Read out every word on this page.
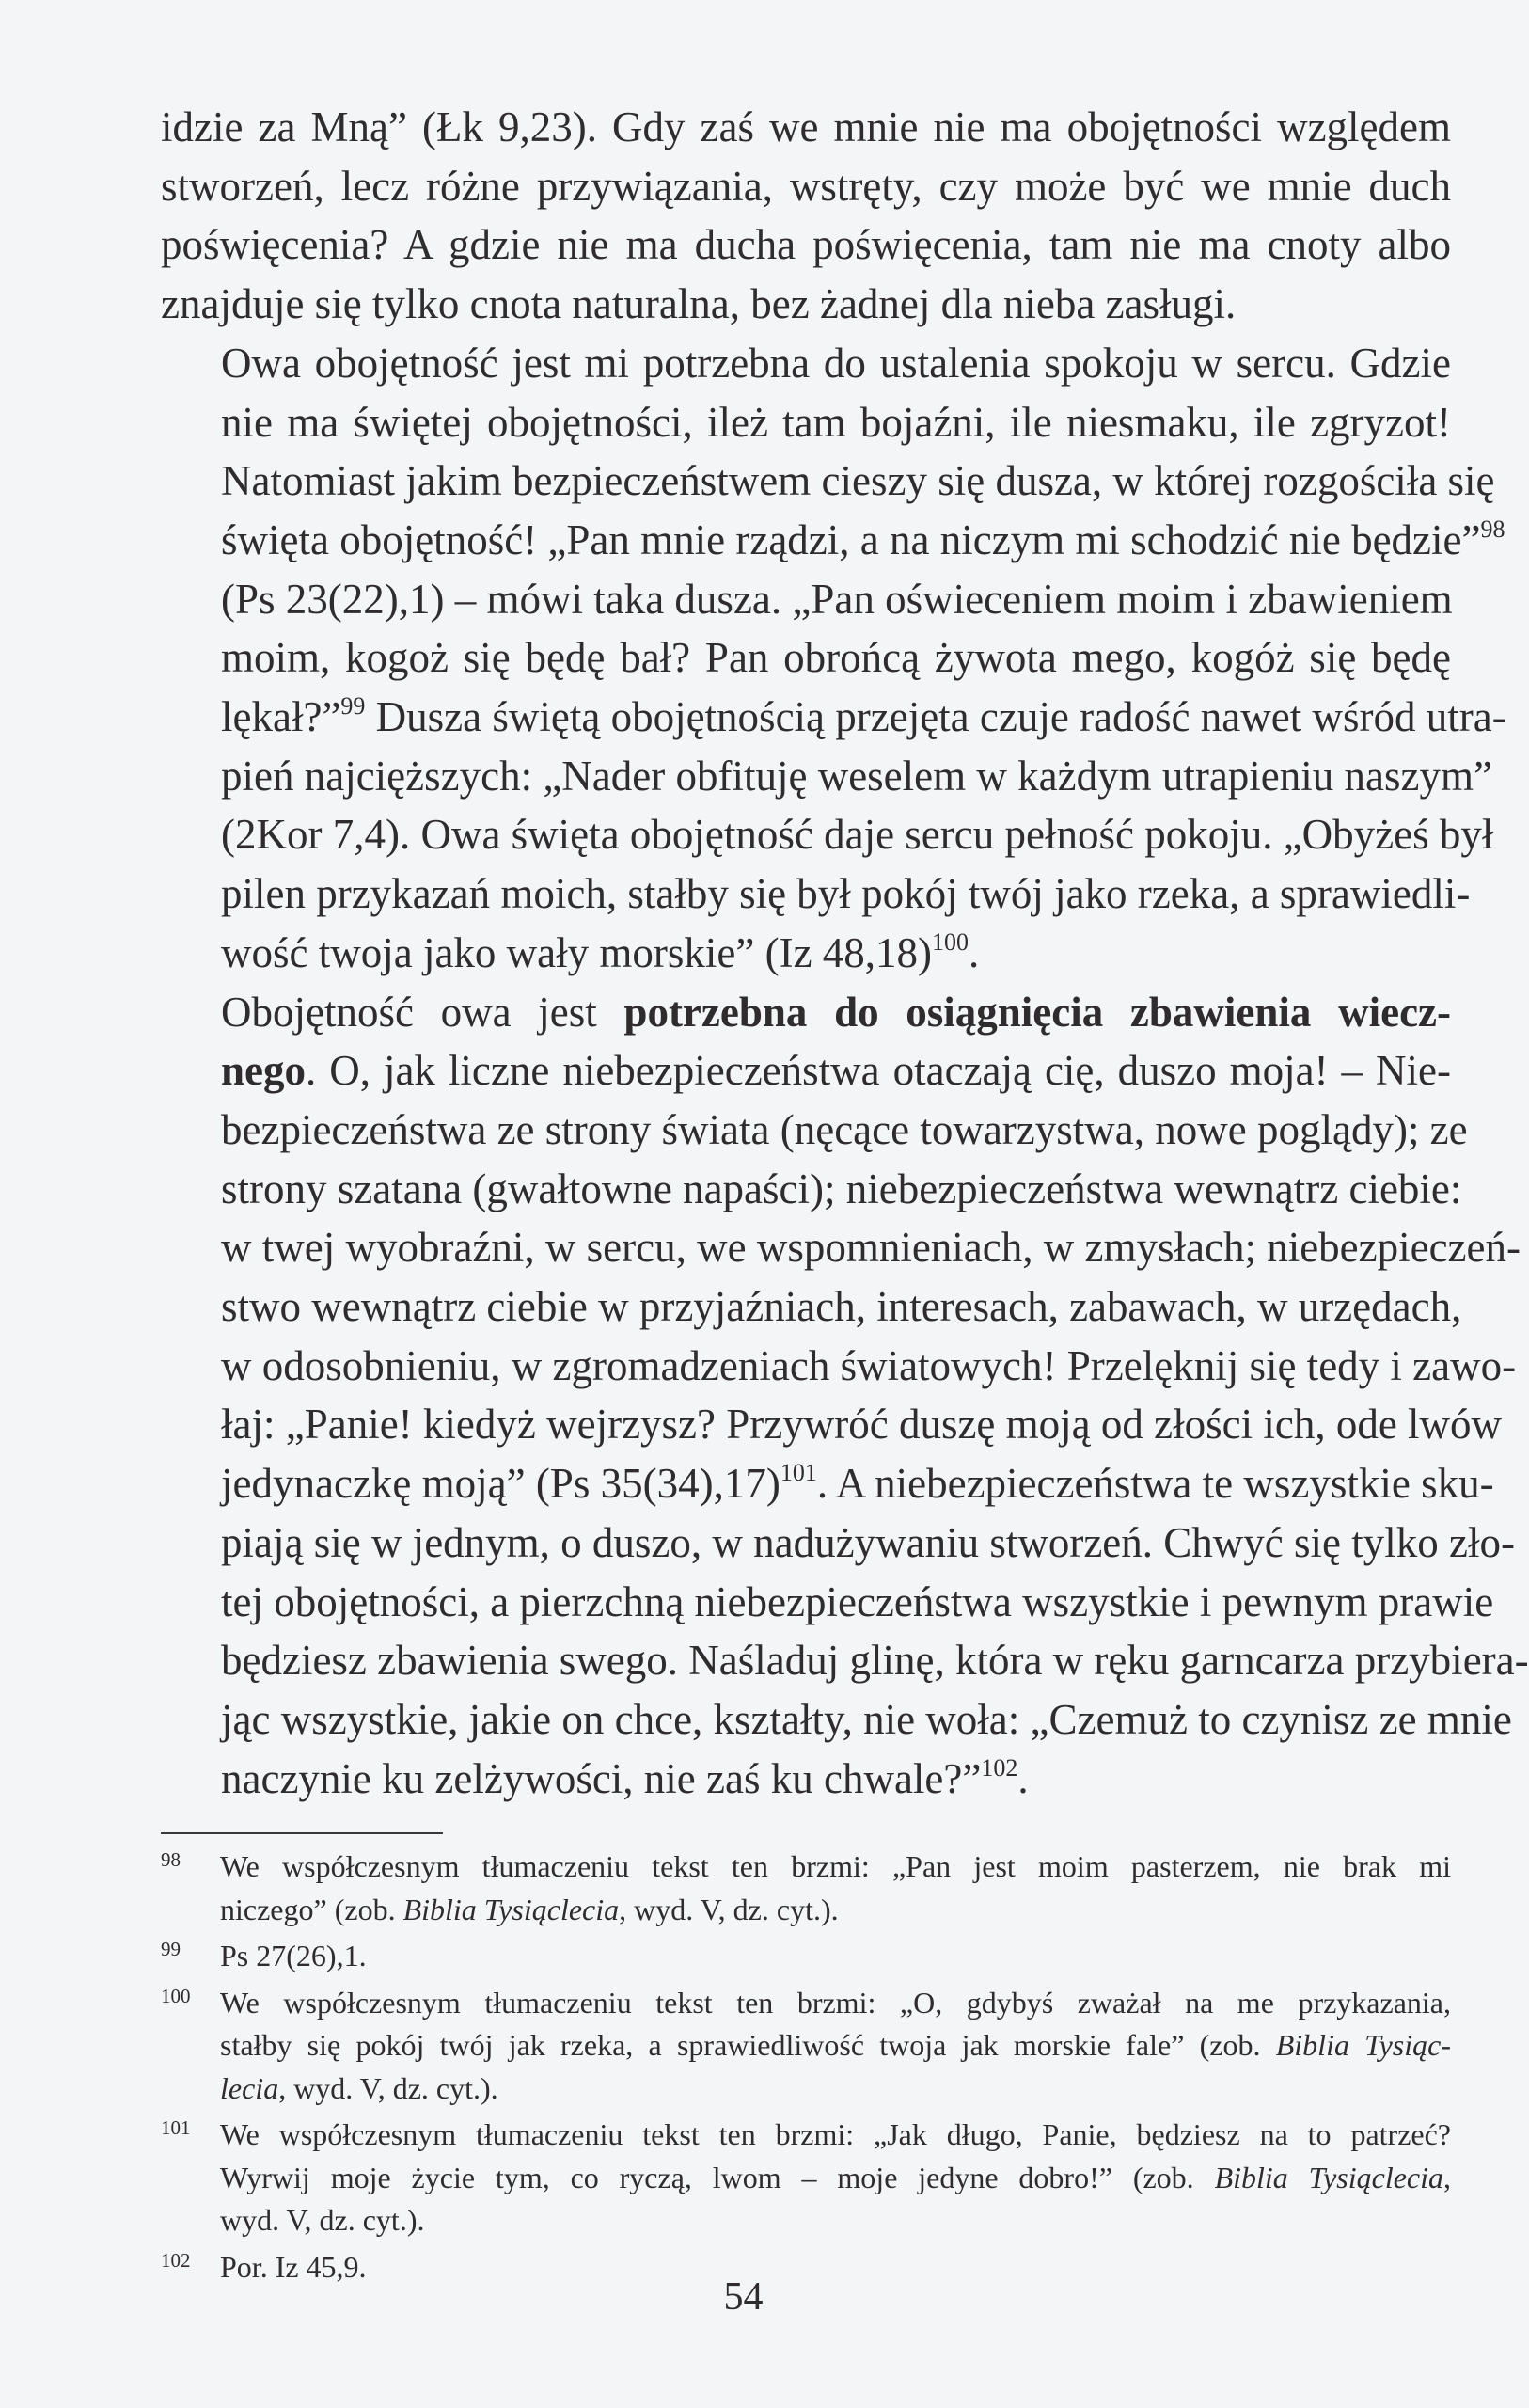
idzie za Mną” (Łk 9,23). Gdy zaś we mnie nie ma obojętności względem
stworzeń, lecz różne przywiązania, wstręty, czy może być we mnie duch
poświęcenia? A gdzie nie ma ducha poświęcenia, tam nie ma cnoty albo
znajduje się tylko cnota naturalna, bez żadnej dla nieba zasługi.

Owa obojętność jest mi potrzebna do ustalenia spokoju w sercu. Gdzie
nie ma świętej obojętności, ileż tam bojaźni, ile niesmaku, ile zgryzot!
Natomiast jakim bezpieczeństwem cieszy się dusza, w której rozgościła się
święta obojętność! „Pan mnie rządzi, a na niczym mi schodzić nie będzie”$^{98}$
(Ps 23(22),1) – mówi taka dusza. „Pan oświeceniem moim i zbawieniem
moim, kogoż się będę bał? Pan obrońcą żywota mego, kogóż się będę
lękał?”$^{99}$ Dusza świętą obojętnością przejęta czuje radość nawet wśród utra-
pień najcięższych: „Nader obfituję weselem w każdym utrapieniu naszym”
(2Kor 7,4). Owa święta obojętność daje sercu pełność pokoju. „Obyżeś był
pilen przykazań moich, stałby się był pokój twój jako rzeka, a sprawiedli-
wość twoja jako wały morskie” (Iz 48,18)$^{100}$.

Obojętność owa jest potrzebna do osiągnięcia zbawienia wiecz-
nego. O, jak liczne niebezpieczeństwa otaczają cię, duszo moja! – Nie-
bezpieczeństwa ze strony świata (nęcące towarzystwa, nowe poglądy); ze
strony szatana (gwałtowne napaści); niebezpieczeństwa wewnątrz ciebie:
w twej wyobraźni, w sercu, we wspomnieniach, w zmysłach; niebezpieczeń-
stwo wewnątrz ciebie w przyjaźniach, interesach, zabawach, w urzędach,
w odosobnieniu, w zgromadzeniach światowych! Przelęknij się tedy i zawo-
łaj: „Panie! kiedyż wejrzysz? Przywróć duszę moją od złości ich, ode lwów
jedynaczkę moją” (Ps 35(34),17)$^{101}$. A niebezpieczeństwa te wszystkie sku-
piają się w jednym, o duszo, w nadużywaniu stworzeń. Chwyć się tylko zło-
tej obojętności, a pierzchną niebezpieczeństwa wszystkie i pewnym prawie
będziesz zbawienia swego. Naśladuj glinę, która w ręku garncarza przybiera-
jąc wszystkie, jakie on chce, kształty, nie woła: „Czemuż to czynisz ze mnie
naczynie ku zelżywości, nie zaś ku chwale?”$^{102}$.

98 We współczesnym tłumaczeniu tekst ten brzmi: „Pan jest moim pasterzem, nie brak mi
niczego” (zob. Biblia Tysiąclecia, wyd. V, dz. cyt.).
99 Ps 27(26),1.
100 We współczesnym tłumaczeniu tekst ten brzmi: „O, gdybyś zważał na me przykazania,
stałby się pokój twój jak rzeka, a sprawiedliwość twoja jak morskie fale” (zob. Biblia Tysiąc-
lecia, wyd. V, dz. cyt.).
101 We współczesnym tłumaczeniu tekst ten brzmi: „Jak długo, Panie, będziesz na to patrzeć?
Wyrwij moje życie tym, co ryczą, lwom – moje jedyne dobro!” (zob. Biblia Tysiąclecia,
wyd. V, dz. cyt.).
102 Por. Iz 45,9.
54
